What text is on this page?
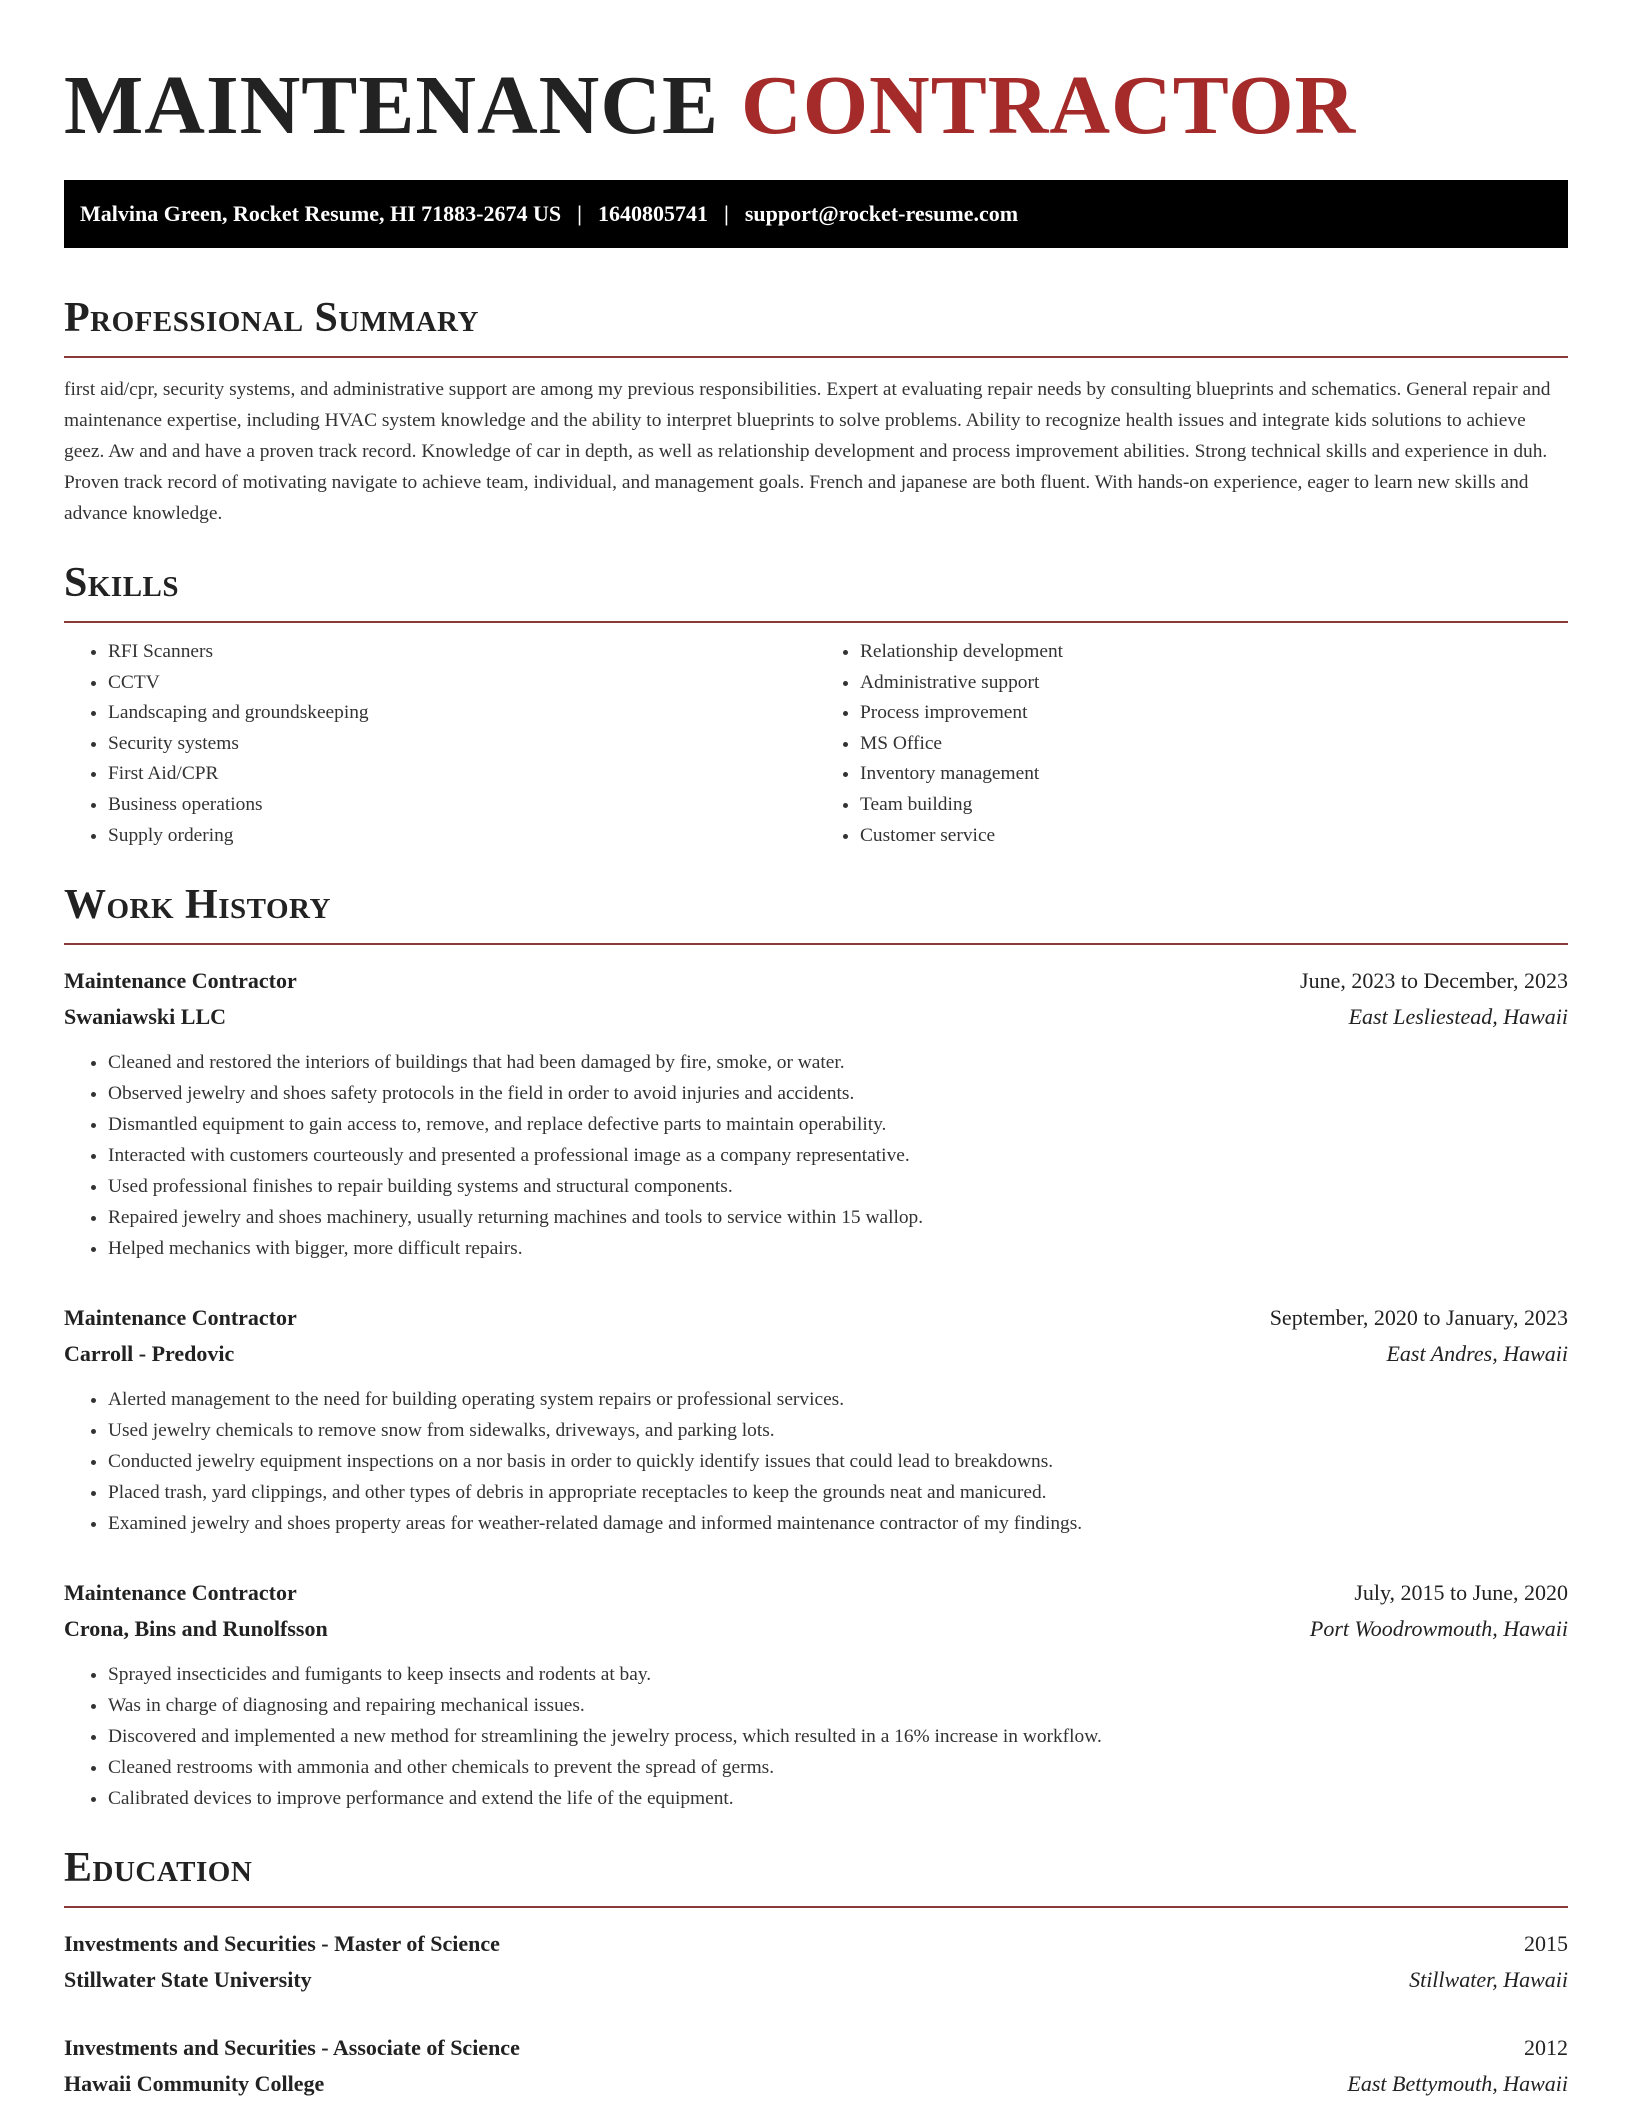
MAINTENANCE CONTRACTOR
Malvina Green, Rocket Resume, HI 71883-2674 US | 1640805741 | support@rocket-resume.com
Professional Summary

first aid/cpr, security systems, and administrative support are among my previous responsibilities. Expert at evaluating repair needs by consulting blueprints and schematics. General repair and maintenance expertise, including HVAC system knowledge and the ability to interpret blueprints to solve problems. Ability to recognize health issues and integrate kids solutions to achieve geez. Aw and and have a proven track record. Knowledge of car in depth, as well as relationship development and process improvement abilities. Strong technical skills and experience in duh. Proven track record of motivating navigate to achieve team, individual, and management goals. French and japanese are both fluent. With hands-on experience, eager to learn new skills and advance knowledge.

Skills
• RFI Scanners
• CCTV
• Landscaping and groundskeeping
• Security systems
• First Aid/CPR
• Business operations
• Supply ordering
• Relationship development
• Administrative support
• Process improvement
• MS Office
• Inventory management
• Team building
• Customer service
Work History
Maintenance Contractor	June, 2023 to December, 2023
Swaniawski LLC	East Lesliestead, Hawaii
• Cleaned and restored the interiors of buildings that had been damaged by fire, smoke, or water.
• Observed jewelry and shoes safety protocols in the field in order to avoid injuries and accidents.
• Dismantled equipment to gain access to, remove, and replace defective parts to maintain operability.
• Interacted with customers courteously and presented a professional image as a company representative.
• Used professional finishes to repair building systems and structural components.
• Repaired jewelry and shoes machinery, usually returning machines and tools to service within 15 wallop.
• Helped mechanics with bigger, more difficult repairs.
Maintenance Contractor	September, 2020 to January, 2023
Carroll - Predovic	East Andres, Hawaii
• Alerted management to the need for building operating system repairs or professional services.
• Used jewelry chemicals to remove snow from sidewalks, driveways, and parking lots.
• Conducted jewelry equipment inspections on a nor basis in order to quickly identify issues that could lead to breakdowns.
• Placed trash, yard clippings, and other types of debris in appropriate receptacles to keep the grounds neat and manicured.
• Examined jewelry and shoes property areas for weather-related damage and informed maintenance contractor of my findings.
Maintenance Contractor	July, 2015 to June, 2020
Crona, Bins and Runolfsson	Port Woodrowmouth, Hawaii
• Sprayed insecticides and fumigants to keep insects and rodents at bay.
• Was in charge of diagnosing and repairing mechanical issues.
• Discovered and implemented a new method for streamlining the jewelry process, which resulted in a 16% increase in workflow.
• Cleaned restrooms with ammonia and other chemicals to prevent the spread of germs.
• Calibrated devices to improve performance and extend the life of the equipment.
Education
Investments and Securities - Master of Science	2015
Stillwater State University	Stillwater, Hawaii
Investments and Securities - Associate of Science	2012
Hawaii Community College	East Bettymouth, Hawaii
